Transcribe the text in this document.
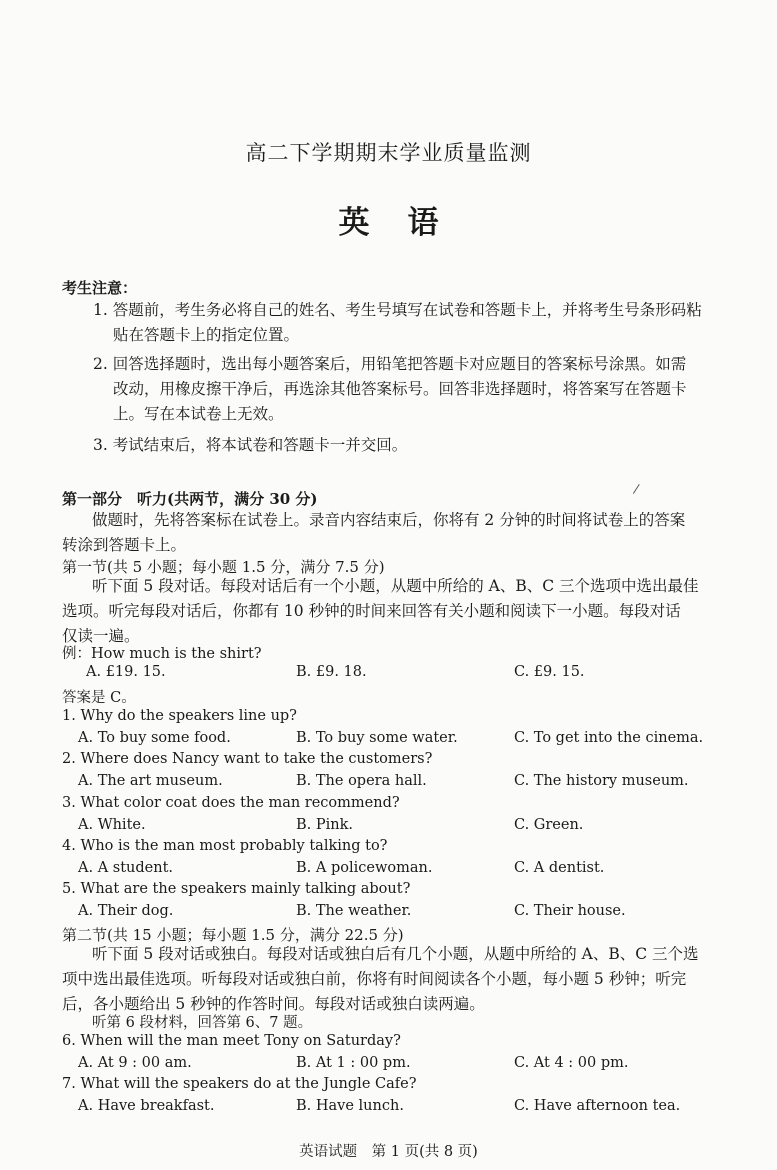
高二下学期期末学业质量监测
英语
考生注意：
1. 答题前，考生务必将自己的姓名、考生号填写在试卷和答题卡上，并将考生号条形码粘
贴在答题卡上的指定位置。
2. 回答选择题时，选出每小题答案后，用铅笔把答题卡对应题目的答案标号涂黑。如需
改动，用橡皮擦干净后，再选涂其他答案标号。回答非选择题时，将答案写在答题卡
上。写在本试卷上无效。
3. 考试结束后，将本试卷和答题卡一并交回。
/
第一部分　听力(共两节，满分 30 分)
做题时，先将答案标在试卷上。录音内容结束后，你将有 2 分钟的时间将试卷上的答案
转涂到答题卡上。
第一节(共 5 小题；每小题 1.5 分，满分 7.5 分)
听下面 5 段对话。每段对话后有一个小题，从题中所给的 A、B、C 三个选项中选出最佳
选项。听完每段对话后，你都有 10 秒钟的时间来回答有关小题和阅读下一小题。每段对话
仅读一遍。
例：How much is the shirt?
A. £19. 15.	B. £9. 18.	C. £9. 15.
答案是 C。
1. Why do the speakers line up?
A. To buy some food.	B. To buy some water.	C. To get into the cinema.
2. Where does Nancy want to take the customers?
A. The art museum.	B. The opera hall.	C. The history museum.
3. What color coat does the man recommend?
A. White.	B. Pink.	C. Green.
4. Who is the man most probably talking to?
A. A student.	B. A policewoman.	C. A dentist.
5. What are the speakers mainly talking about?
A. Their dog.	B. The weather.	C. Their house.
第二节(共 15 小题；每小题 1.5 分，满分 22.5 分)
听下面 5 段对话或独白。每段对话或独白后有几个小题，从题中所给的 A、B、C 三个选
项中选出最佳选项。听每段对话或独白前，你将有时间阅读各个小题，每小题 5 秒钟；听完
后，各小题给出 5 秒钟的作答时间。每段对话或独白读两遍。
听第 6 段材料，回答第 6、7 题。
6. When will the man meet Tony on Saturday?
A. At 9 : 00 am.	B. At 1 : 00 pm.	C. At 4 : 00 pm.
7. What will the speakers do at the Jungle Cafe?
A. Have breakfast.	B. Have lunch.	C. Have afternoon tea.
英语试题　第 1 页(共 8 页)
